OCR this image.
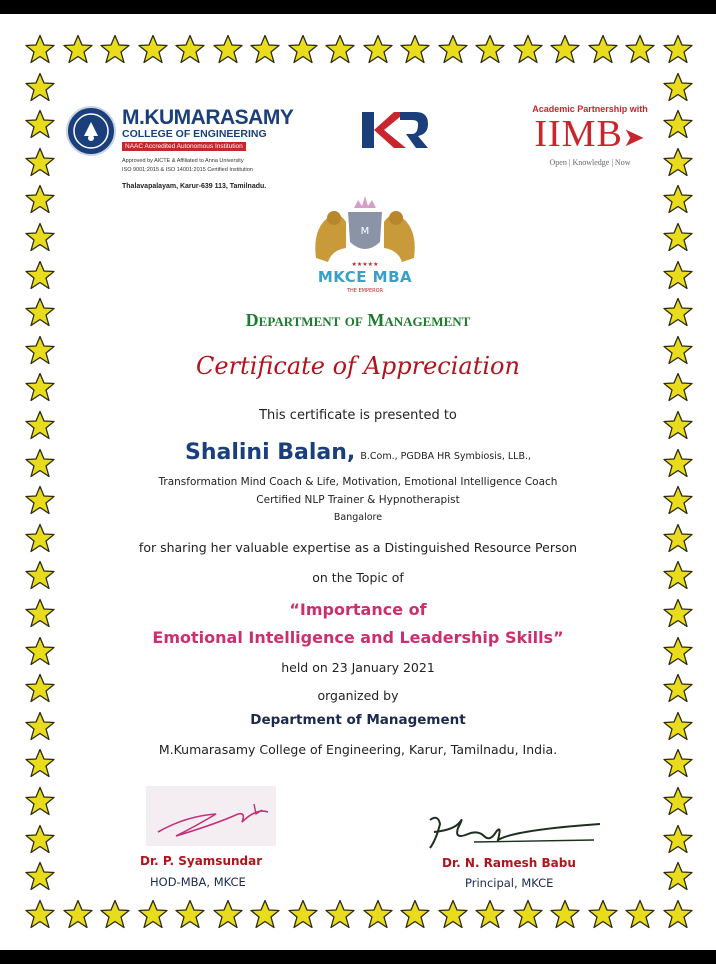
M.KUMARASAMY
COLLEGE OF ENGINEERING
NAAC Accredited Autonomous Institution
Approved by AICTE & Affiliated to Anna University
ISO 9001:2015 & ISO 14001:2015 Certified Institution
Thalavapalayam, Karur-639 113, Tamilnadu.
Academic Partnership with
IIMB➤
Open | Knowledge | Now
M
★★★★★
MKCE MBA
THE EMPEROR
Department of Management
Certificate of Appreciation
This certificate is presented to
Shalini Balan, B.Com., PGDBA HR Symbiosis, LLB.,
Transformation Mind Coach & Life, Motivation, Emotional Intelligence Coach
Certified NLP Trainer & Hypnotherapist
Bangalore
for sharing her valuable expertise as a Distinguished Resource Person
on the Topic of
“Importance of
Emotional Intelligence and Leadership Skills”
held on 23 January 2021
organized by
Department of Management
M.Kumarasamy College of Engineering, Karur, Tamilnadu, India.
Dr. P. Syamsundar
HOD-MBA, MKCE
Dr. N. Ramesh Babu
Principal, MKCE
